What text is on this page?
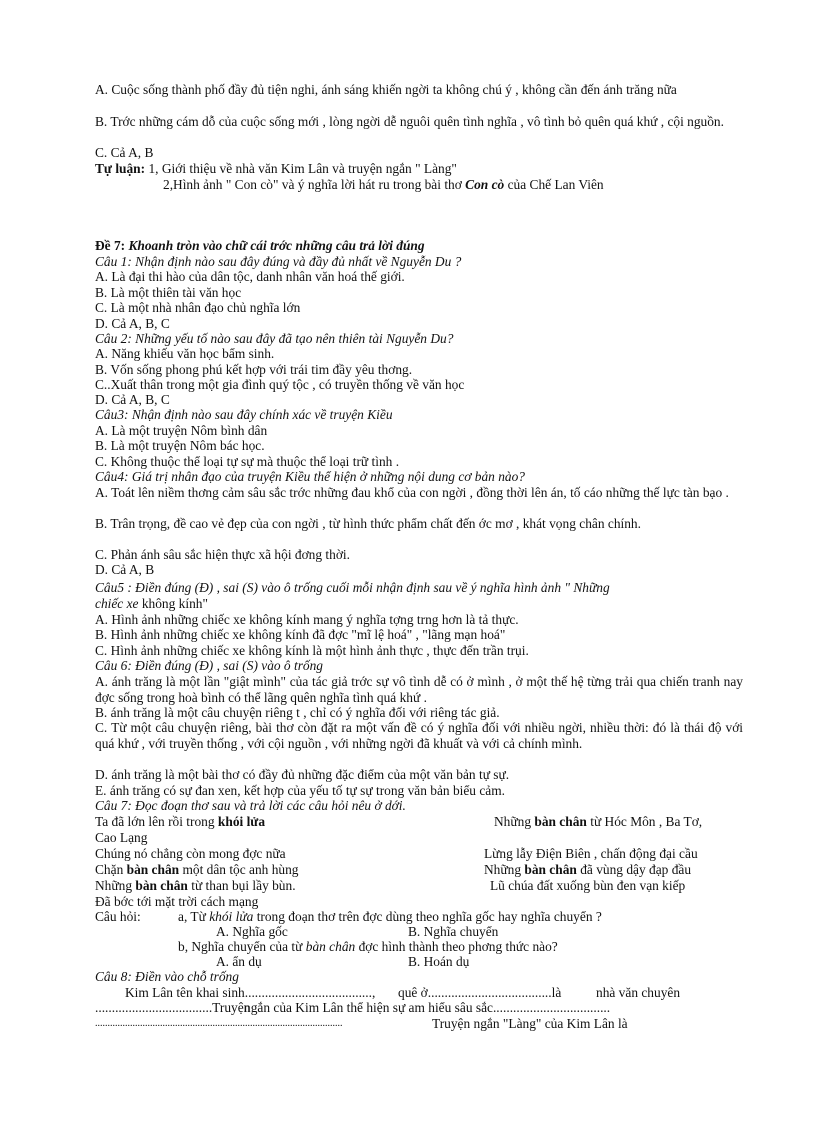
A. Cuộc sống thành phố đầy đủ tiện nghi, ánh sáng khiến ngời ta không chú ý , không cần đến ánh trăng nữa
B. Trớc những cám dỗ của cuộc sống mới , lòng ngời dễ nguôi quên tình nghĩa , vô tình bỏ quên quá khứ , cội nguồn.
C. Cả A, B
Tự luận: 1, Giới thiệu về nhà văn Kim Lân và truyện ngắn " Làng"
2,Hình ảnh " Con cò" và ý nghĩa lời hát ru trong bài thơ Con cò của Chế Lan Viên
Đề 7: Khoanh tròn vào chữ cái trớc những câu trả lời đúng
Câu 1: Nhận định nào sau đây đúng và đầy đủ nhất về Nguyễn Du ?
A. Là đại thi hào của dân tộc, danh nhân văn hoá thế giới.
B. Là một thiên tài văn học
C. Là một nhà nhân đạo chủ nghĩa lớn
D. Cả A, B, C
Câu 2: Những yếu tố nào sau đây đã tạo nên thiên tài Nguyễn Du?
A. Năng khiếu văn học bẩm sinh.
B. Vốn sống phong phú kết hợp với trái tim đầy yêu thơng.
C..Xuất thân trong một gia đình quý tộc , có truyền thống về văn học
D. Cả A, B, C
Câu3: Nhận định nào sau đây chính xác về truyện Kiều
A. Là một truyện Nôm bình dân
B. Là một truyện Nôm bác học.
C. Không thuộc thể loại tự sự mà thuộc thể loại trữ tình .
Câu4: Giá trị nhân đạo của truyện Kiều thể hiện ở những nội dung cơ bản nào?
A. Toát lên niềm thơng cảm sâu sắc trớc những đau khổ của con ngời , đồng thời lên án, tố cáo những thế lực tàn bạo .
B. Trân trọng, đề cao vẻ đẹp của con ngời , từ hình thức phẩm chất đến ớc mơ , khát vọng chân chính.
C. Phản ánh sâu sắc hiện thực xã hội đơng thời.
D. Cả A, B
Câu5 : Điền đúng (Đ) , sai (S) vào ô trống cuối mỗi nhận định sau về ý nghĩa hình ảnh " Những
chiếc xe không kính"
A. Hình ảnh những chiếc xe không kính mang ý nghĩa tợng trng hơn là tả thực.
B. Hình ảnh những chiếc xe không kính đã đợc "mĩ lệ hoá" , "lãng mạn hoá"
C. Hình ảnh những chiếc xe không kính là một hình ảnh thực , thực đến trần trụi.
Câu 6: Điền đúng (Đ) , sai (S) vào ô trống
A. ánh trăng là một lần "giật mình" của tác giả trớc sự vô tình dễ có ở mình , ở một thế hệ từng trải qua chiến tranh nay đợc sống trong hoà bình có thể lãng quên nghĩa tình quá khứ .
B. ánh trăng là một câu chuyện riêng t , chỉ có ý nghĩa đối với riêng tác giả.
C. Từ một câu chuyện riêng, bài thơ còn đặt ra một vấn đề có ý nghĩa đối với nhiều ngời, nhiều thời: đó là thái độ với quá khứ , với truyền thống , với cội nguồn , với những ngời đã khuất và với cả chính mình.
D. ánh trăng là một bài thơ có đầy đủ những đặc điểm của một văn bản tự sự.
E. ánh trăng có sự đan xen, kết hợp của yếu tố tự sự trong văn bản biểu cảm.
Câu 7: Đọc đoạn thơ sau và trả lời các câu hỏi nêu ở dới.
Ta đã lớn lên rồi trong khói lửa	Những bàn chân từ Hóc Môn , Ba Tơ,
Cao Lạng
Chúng nó chẳng còn mong đợc nữa	Lừng lẫy Điện Biên , chấn động đại cầu
Chặn bàn chân một dân tộc anh hùng	Những bàn chân đã vùng dậy đạp đầu
Những bàn chân từ than bụi lầy bùn.	Lũ chúa đất xuống bùn đen vạn kiếp
Đã bớc tới mặt trời cách mạng
Câu hỏi:	a, Từ khói lửa trong đoạn thơ trên đợc dùng theo nghĩa gốc hay nghĩa chuyển ?
A. Nghĩa gốc	B. Nghĩa chuyển
b, Nghĩa chuyển của từ bàn chân đợc hình thành theo phơng thức nào?
A. ẩn dụ	B. Hoán dụ
Câu 8: Điền vào chỗ trống
Kim Lân tên khai sinh......................................, quê ở.....................................là	nhà văn chuyên
...................................Truyện
ngắn của Kim Lân thể hiện sự am hiểu sâu sắc...................................
...................................................................................................	Truyện ngắn "Làng" của Kim Lân là
